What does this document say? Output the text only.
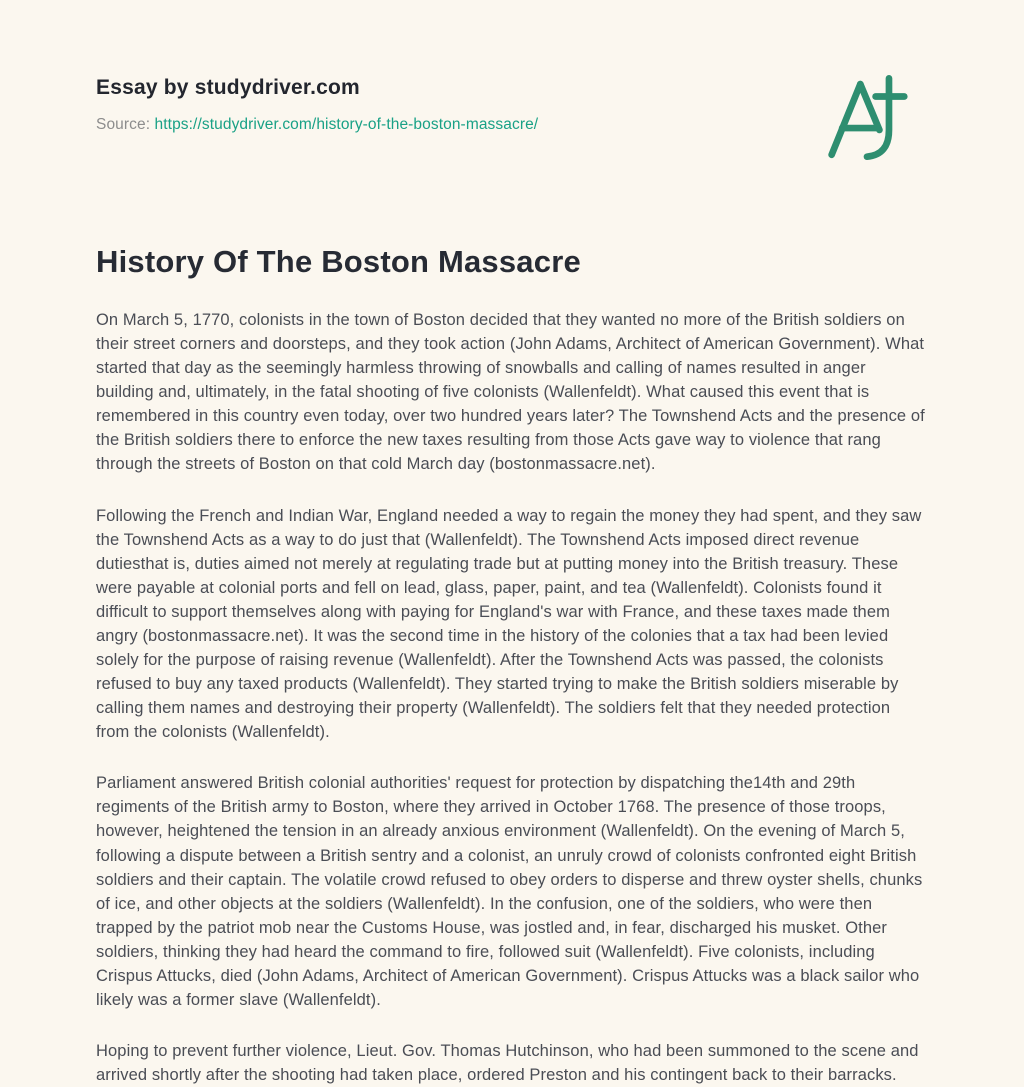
Essay by studydriver.com
Source: https://studydriver.com/history-of-the-boston-massacre/
History Of The Boston Massacre

On March 5, 1770, colonists in the town of Boston decided that they wanted no more of the British soldiers on their street corners and doorsteps, and they took action (John Adams, Architect of American Government). What started that day as the seemingly harmless throwing of snowballs and calling of names resulted in anger building and, ultimately, in the fatal shooting of five colonists (Wallenfeldt). What caused this event that is remembered in this country even today, over two hundred years later? The Townshend Acts and the presence of the British soldiers there to enforce the new taxes resulting from those Acts gave way to violence that rang through the streets of Boston on that cold March day (bostonmassacre.net).

Following the French and Indian War, England needed a way to regain the money they had spent, and they saw the Townshend Acts as a way to do just that (Wallenfeldt). The Townshend Acts imposed direct revenue dutiesthat is, duties aimed not merely at regulating trade but at putting money into the British treasury. These were payable at colonial ports and fell on lead, glass, paper, paint, and tea (Wallenfeldt). Colonists found it difficult to support themselves along with paying for England's war with France, and these taxes made them angry (bostonmassacre.net). It was the second time in the history of the colonies that a tax had been levied solely for the purpose of raising revenue (Wallenfeldt). After the Townshend Acts was passed, the colonists refused to buy any taxed products (Wallenfeldt). They started trying to make the British soldiers miserable by calling them names and destroying their property (Wallenfeldt). The soldiers felt that they needed protection from the colonists (Wallenfeldt).

Parliament answered British colonial authorities' request for protection by dispatching the14th and 29th regiments of the British army to Boston, where they arrived in October 1768. The presence of those troops, however, heightened the tension in an already anxious environment (Wallenfeldt). On the evening of March 5, following a dispute between a British sentry and a colonist, an unruly crowd of colonists confronted eight British soldiers and their captain. The volatile crowd refused to obey orders to disperse and threw oyster shells, chunks of ice, and other objects at the soldiers (Wallenfeldt). In the confusion, one of the soldiers, who were then trapped by the patriot mob near the Customs House, was jostled and, in fear, discharged his musket. Other soldiers, thinking they had heard the command to fire, followed suit (Wallenfeldt). Five colonists, including Crispus Attucks, died (John Adams, Architect of American Government). Crispus Attucks was a black sailor who likely was a former slave (Wallenfeldt).

Hoping to prevent further violence, Lieut. Gov. Thomas Hutchinson, who had been summoned to the scene and arrived shortly after the shooting had taken place, ordered Preston and his contingent back to their barracks.
